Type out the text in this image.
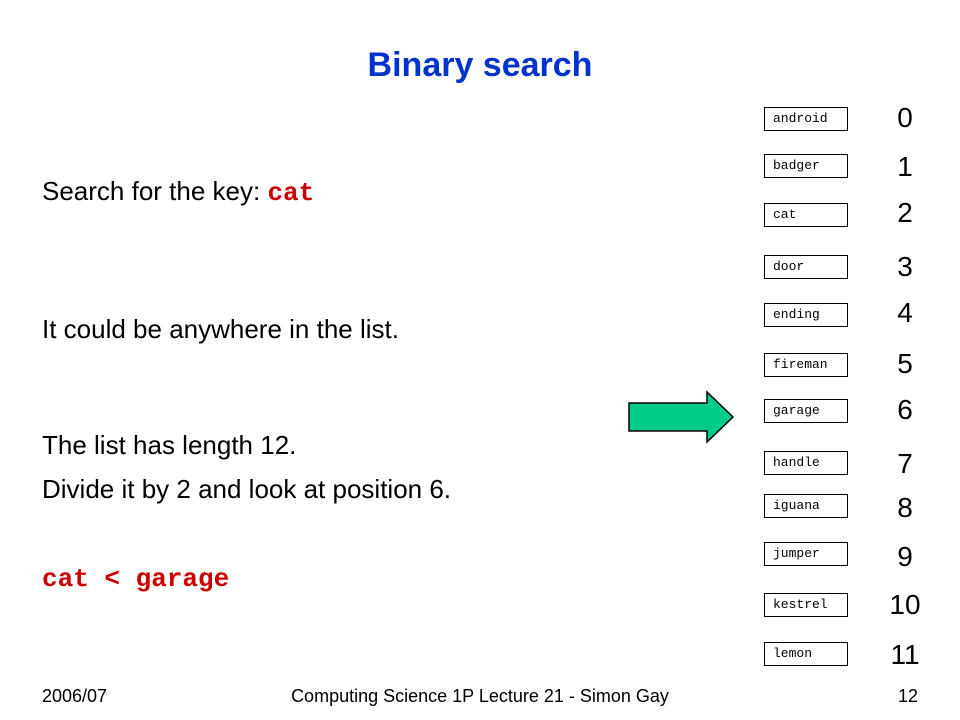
Binary search
Search for the key: cat
It could be anywhere in the list.
The list has length 12.
Divide it by 2 and look at position 6.
cat < garage
android
badger
cat
door
ending
fireman
garage
handle
iguana
jumper
kestrel
lemon
0
1
2
3
4
5
6
7
8
9
10
11
2006/07	Computing Science 1P Lecture 21 - Simon Gay	12
